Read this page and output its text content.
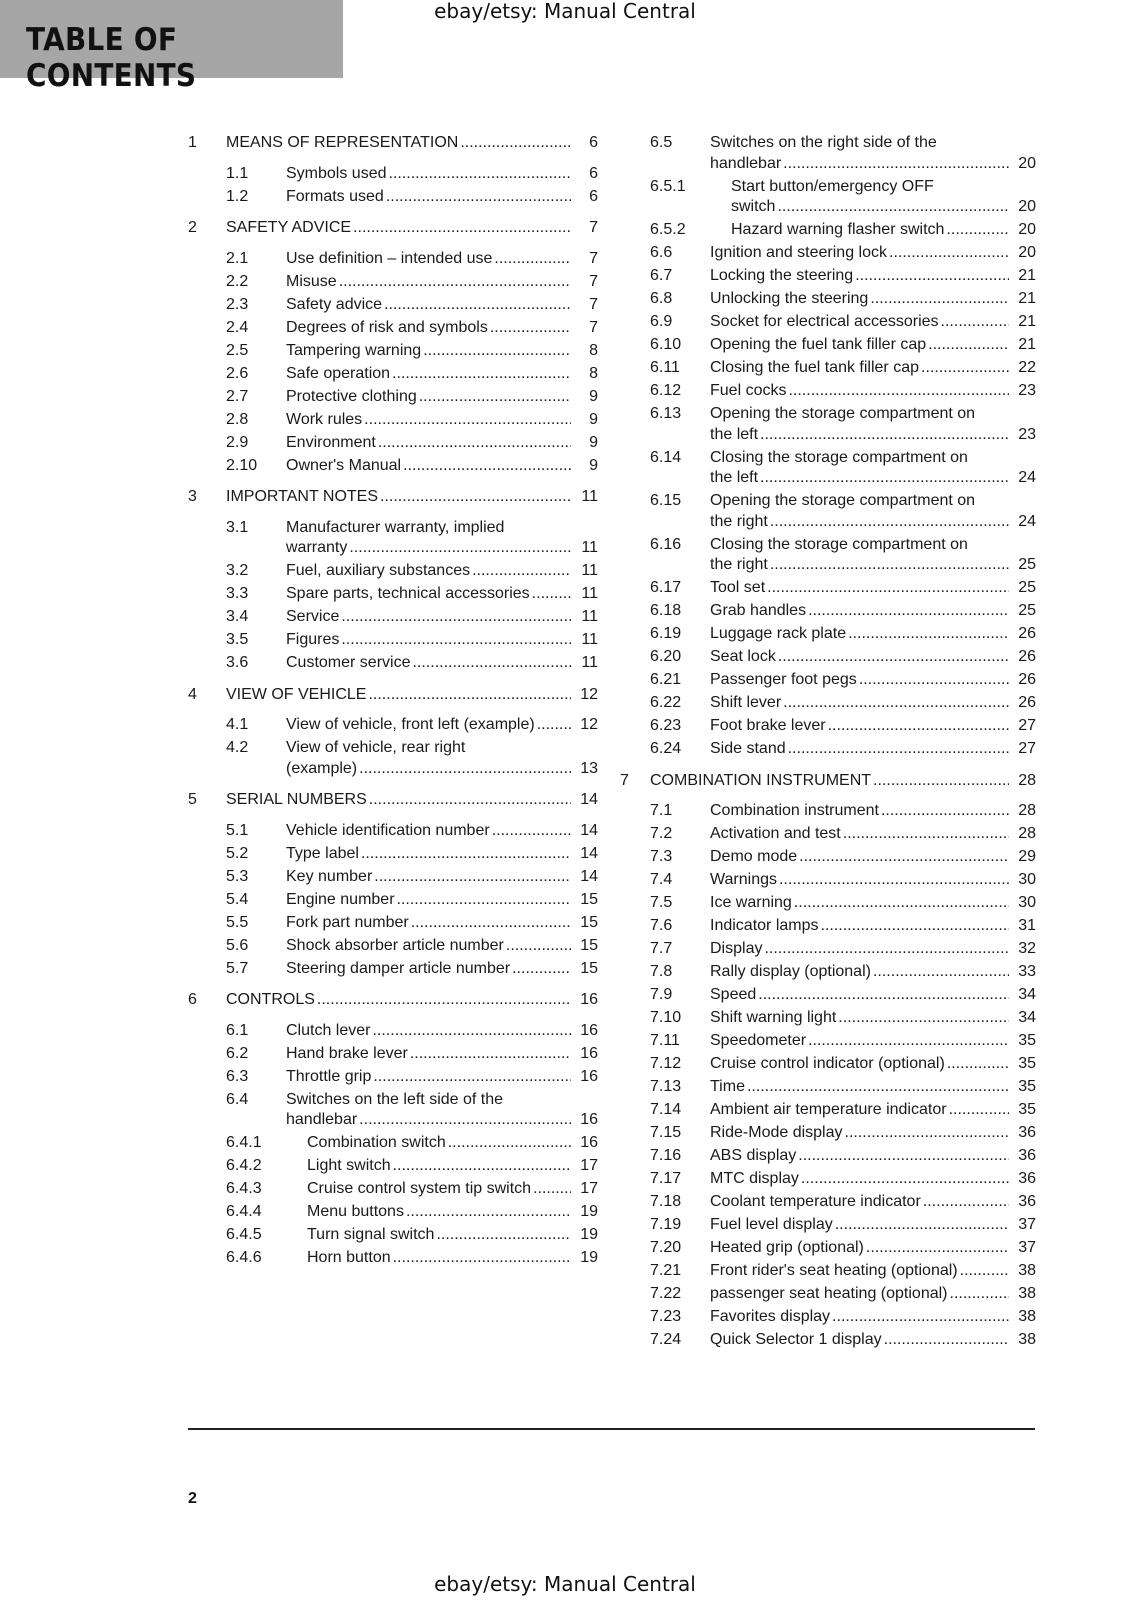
ebay/etsy: Manual Central
TABLE OF CONTENTS
1	MEANS OF REPRESENTATION .....	6
1.1	Symbols used .....	6
1.2	Formats used .....	6
2	SAFETY ADVICE .....	7
2.1	Use definition – intended use .....	7
2.2	Misuse .....	7
2.3	Safety advice .....	7
2.4	Degrees of risk and symbols .....	7
2.5	Tampering warning .....	8
2.6	Safe operation .....	8
2.7	Protective clothing .....	9
2.8	Work rules .....	9
2.9	Environment .....	9
2.10	Owner's Manual .....	9
3	IMPORTANT NOTES .....	11
3.1	Manufacturer warranty, implied
warranty .....	11
3.2	Fuel, auxiliary substances .....	11
3.3	Spare parts, technical accessories .....	11
3.4	Service .....	11
3.5	Figures .....	11
3.6	Customer service .....	11
4	VIEW OF VEHICLE .....	12
4.1	View of vehicle, front left (example) .....	12
4.2	View of vehicle, rear right
(example) .....	13
5	SERIAL NUMBERS .....	14
5.1	Vehicle identification number .....	14
5.2	Type label .....	14
5.3	Key number .....	14
5.4	Engine number .....	15
5.5	Fork part number .....	15
5.6	Shock absorber article number .....	15
5.7	Steering damper article number .....	15
6	CONTROLS .....	16
6.1	Clutch lever .....	16
6.2	Hand brake lever .....	16
6.3	Throttle grip .....	16
6.4	Switches on the left side of the
handlebar .....	16
6.4.1	Combination switch .....	16
6.4.2	Light switch .....	17
6.4.3	Cruise control system tip switch .....	17
6.4.4	Menu buttons .....	19
6.4.5	Turn signal switch .....	19
6.4.6	Horn button .....	19
6.5	Switches on the right side of the
handlebar .....	20
6.5.1	Start button/emergency OFF
switch .....	20
6.5.2	Hazard warning flasher switch .....	20
6.6	Ignition and steering lock .....	20
6.7	Locking the steering .....	21
6.8	Unlocking the steering .....	21
6.9	Socket for electrical accessories .....	21
6.10	Opening the fuel tank filler cap .....	21
6.11	Closing the fuel tank filler cap .....	22
6.12	Fuel cocks .....	23
6.13	Opening the storage compartment on
the left .....	23
6.14	Closing the storage compartment on
the left .....	24
6.15	Opening the storage compartment on
the right .....	24
6.16	Closing the storage compartment on
the right .....	25
6.17	Tool set .....	25
6.18	Grab handles .....	25
6.19	Luggage rack plate .....	26
6.20	Seat lock .....	26
6.21	Passenger foot pegs .....	26
6.22	Shift lever .....	26
6.23	Foot brake lever .....	27
6.24	Side stand .....	27
7	COMBINATION INSTRUMENT .....	28
7.1	Combination instrument .....	28
7.2	Activation and test .....	28
7.3	Demo mode .....	29
7.4	Warnings .....	30
7.5	Ice warning .....	30
7.6	Indicator lamps .....	31
7.7	Display .....	32
7.8	Rally display (optional) .....	33
7.9	Speed .....	34
7.10	Shift warning light .....	34
7.11	Speedometer .....	35
7.12	Cruise control indicator (optional) .....	35
7.13	Time .....	35
7.14	Ambient air temperature indicator .....	35
7.15	Ride-Mode display .....	36
7.16	ABS display .....	36
7.17	MTC display .....	36
7.18	Coolant temperature indicator .....	36
7.19	Fuel level display .....	37
7.20	Heated grip (optional) .....	37
7.21	Front rider's seat heating (optional) .....	38
7.22	passenger seat heating (optional) .....	38
7.23	Favorites display .....	38
7.24	Quick Selector 1 display .....	38
2
ebay/etsy: Manual Central
